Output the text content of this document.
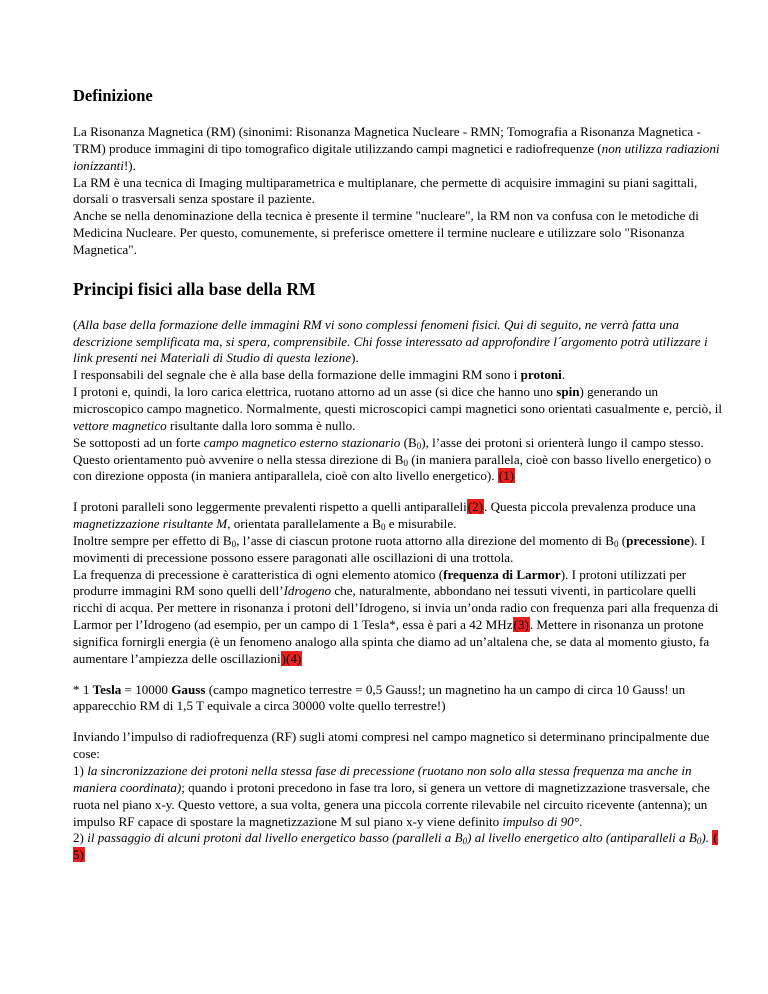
Definizione

La Risonanza Magnetica (RM) (sinonimi: Risonanza Magnetica Nucleare - RMN; Tomografia a Risonanza Magnetica - TRM) produce immagini di tipo tomografico digitale utilizzando campi magnetici e radiofrequenze (non utilizza radiazioni ionizzanti!).
La RM è una tecnica di Imaging multiparametrica e multiplanare, che permette di acquisire immagini su piani sagittali, dorsali o trasversali senza spostare il paziente.
Anche se nella denominazione della tecnica è presente il termine "nucleare", la RM non va confusa con le metodiche di Medicina Nucleare. Per questo, comunemente, si preferisce omettere il termine nucleare e utilizzare solo "Risonanza Magnetica".

Principi fisici alla base della RM

(Alla base della formazione delle immagini RM vi sono complessi fenomeni fisici. Qui di seguito, ne verrà fatta una descrizione semplificata ma, si spera, comprensibile. Chi fosse interessato ad approfondire l´argomento potrà utilizzare i link presenti nei Materiali di Studio di questa lezione).
I responsabili del segnale che è alla base della formazione delle immagini RM sono i protoni.
I protoni e, quindi, la loro carica elettrica, ruotano attorno ad un asse (si dice che hanno uno spin) generando un microscopico campo magnetico. Normalmente, questi microscopici campi magnetici sono orientati casualmente e, perciò, il vettore magnetico risultante dalla loro somma è nullo.
Se sottoposti ad un forte campo magnetico esterno stazionario $(B_0)$, l’asse dei protoni si orienterà lungo il campo stesso. Questo orientamento può avvenire o nella stessa direzione di $B_0$ (in maniera parallela, cioè con basso livello energetico) o con direzione opposta (in maniera antiparallela, cioè con alto livello energetico). (1)

I protoni paralleli sono leggermente prevalenti rispetto a quelli antiparalleli(2). Questa piccola prevalenza produce una magnetizzazione risultante M, orientata parallelamente a $B_0$ e misurabile.
Inoltre sempre per effetto di $B_0$, l’asse di ciascun protone ruota attorno alla direzione del momento di $B_0$ (precessione). I movimenti di precessione possono essere paragonati alle oscillazioni di una trottola.
La frequenza di precessione è caratteristica di ogni elemento atomico (frequenza di Larmor). I protoni utilizzati per produrre immagini RM sono quelli dell’Idrogeno che, naturalmente, abbondano nei tessuti viventi, in particolare quelli ricchi di acqua. Per mettere in risonanza i protoni dell’Idrogeno, si invia un’onda radio con frequenza pari alla frequenza di Larmor per l’Idrogeno (ad esempio, per un campo di 1 Tesla*, essa è pari a 42 MHz(3). Mettere in risonanza un protone significa fornirgli energia (è un fenomeno analogo alla spinta che diamo ad un’altalena che, se data al momento giusto, fa aumentare l’ampiezza delle oscillazioni)(4)

* 1 Tesla = 10000 Gauss (campo magnetico terrestre = 0,5 Gauss!; un magnetino ha un campo di circa 10 Gauss! un apparecchio RM di 1,5 T equivale a circa 30000 volte quello terrestre!)

Inviando l’impulso di radiofrequenza (RF) sugli atomi compresi nel campo magnetico si determinano principalmente due cose:
1) la sincronizzazione dei protoni nella stessa fase di precessione (ruotano non solo alla stessa frequenza ma anche in maniera coordinata); quando i protoni precedono in fase tra loro, si genera un vettore di magnetizzazione trasversale, che ruota nel piano x-y. Questo vettore, a sua volta, genera una piccola corrente rilevabile nel circuito ricevente (antenna); un impulso RF capace di spostare la magnetizzazione M sul piano x-y viene definito impulso di 90°.
2) il passaggio di alcuni protoni dal livello energetico basso (paralleli a $B_0$) al livello energetico alto (antiparalleli a $B_0$). ( 5)
